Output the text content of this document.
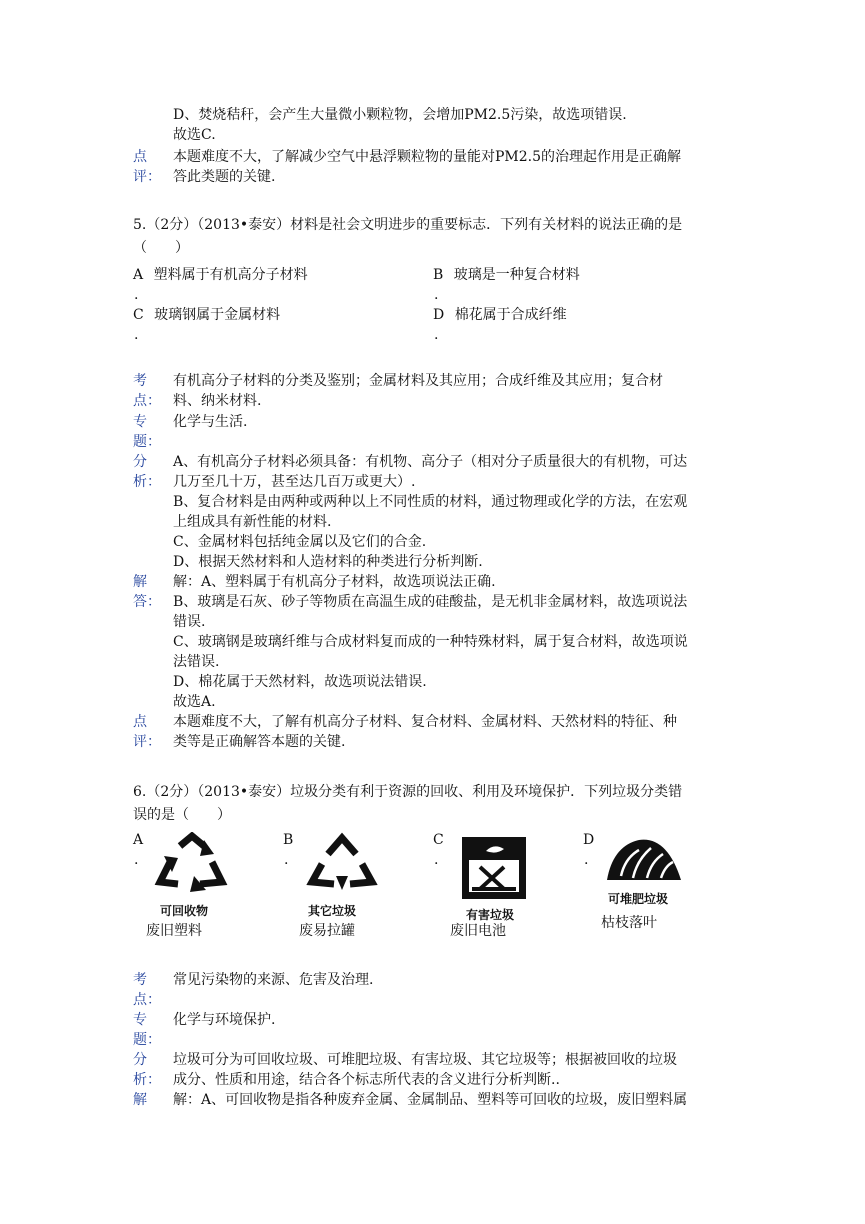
D、焚烧秸秆，会产生大量微小颗粒物，会增加PM2.5污染，故选项错误.
故选C.
点
评：
本题难度不大，了解减少空气中悬浮颗粒物的量能对PM2.5的治理起作用是正确解
答此类题的关键.
5.（2分）（2013•泰安）材料是社会文明进步的重要标志．下列有关材料的说法正确的是
（　　）
A 塑料属于有机高分子材料
.
B 玻璃是一种复合材料
.
C 玻璃钢属于金属材料
.
D 棉花属于合成纤维
.
考
点：
有机高分子材料的分类及鉴别；金属材料及其应用；合成纤维及其应用；复合材
料、纳米材料.
专
题：
化学与生活.
分
析：
A、有机高分子材料必须具备：有机物、高分子（相对分子质量很大的有机物，可达
几万至几十万，甚至达几百万或更大）.
B、复合材料是由两种或两种以上不同性质的材料，通过物理或化学的方法，在宏观
上组成具有新性能的材料.
C、金属材料包括纯金属以及它们的合金.
D、根据天然材料和人造材料的种类进行分析判断.
解
答：
解：A、塑料属于有机高分子材料，故选项说法正确.
B、玻璃是石灰、砂子等物质在高温生成的硅酸盐，是无机非金属材料，故选项说法
错误.
C、玻璃钢是玻璃纤维与合成材料复而成的一种特殊材料，属于复合材料，故选项说
法错误.
D、棉花属于天然材料，故选项说法错误.
故选A.
点
评：
本题难度不大，了解有机高分子材料、复合材料、金属材料、天然材料的特征、种
类等是正确解答本题的关键.
6.（2分）（2013•泰安）垃圾分类有利于资源的回收、利用及环境保护．下列垃圾分类错
误的是（　　）
A
.
可回收物
废旧塑料
B
.
其它垃圾
废易拉罐
C
.
有害垃圾
废旧电池
D
.
可堆肥垃圾
枯枝落叶
考
点：
常见污染物的来源、危害及治理.
专
题：
化学与环境保护.
分
析：
垃圾可分为可回收垃圾、可堆肥垃圾、有害垃圾、其它垃圾等；根据被回收的垃圾
成分、性质和用途，结合各个标志所代表的含义进行分析判断..
解 解：A、可回收物是指各种废弃金属、金属制品、塑料等可回收的垃圾，废旧塑料属
